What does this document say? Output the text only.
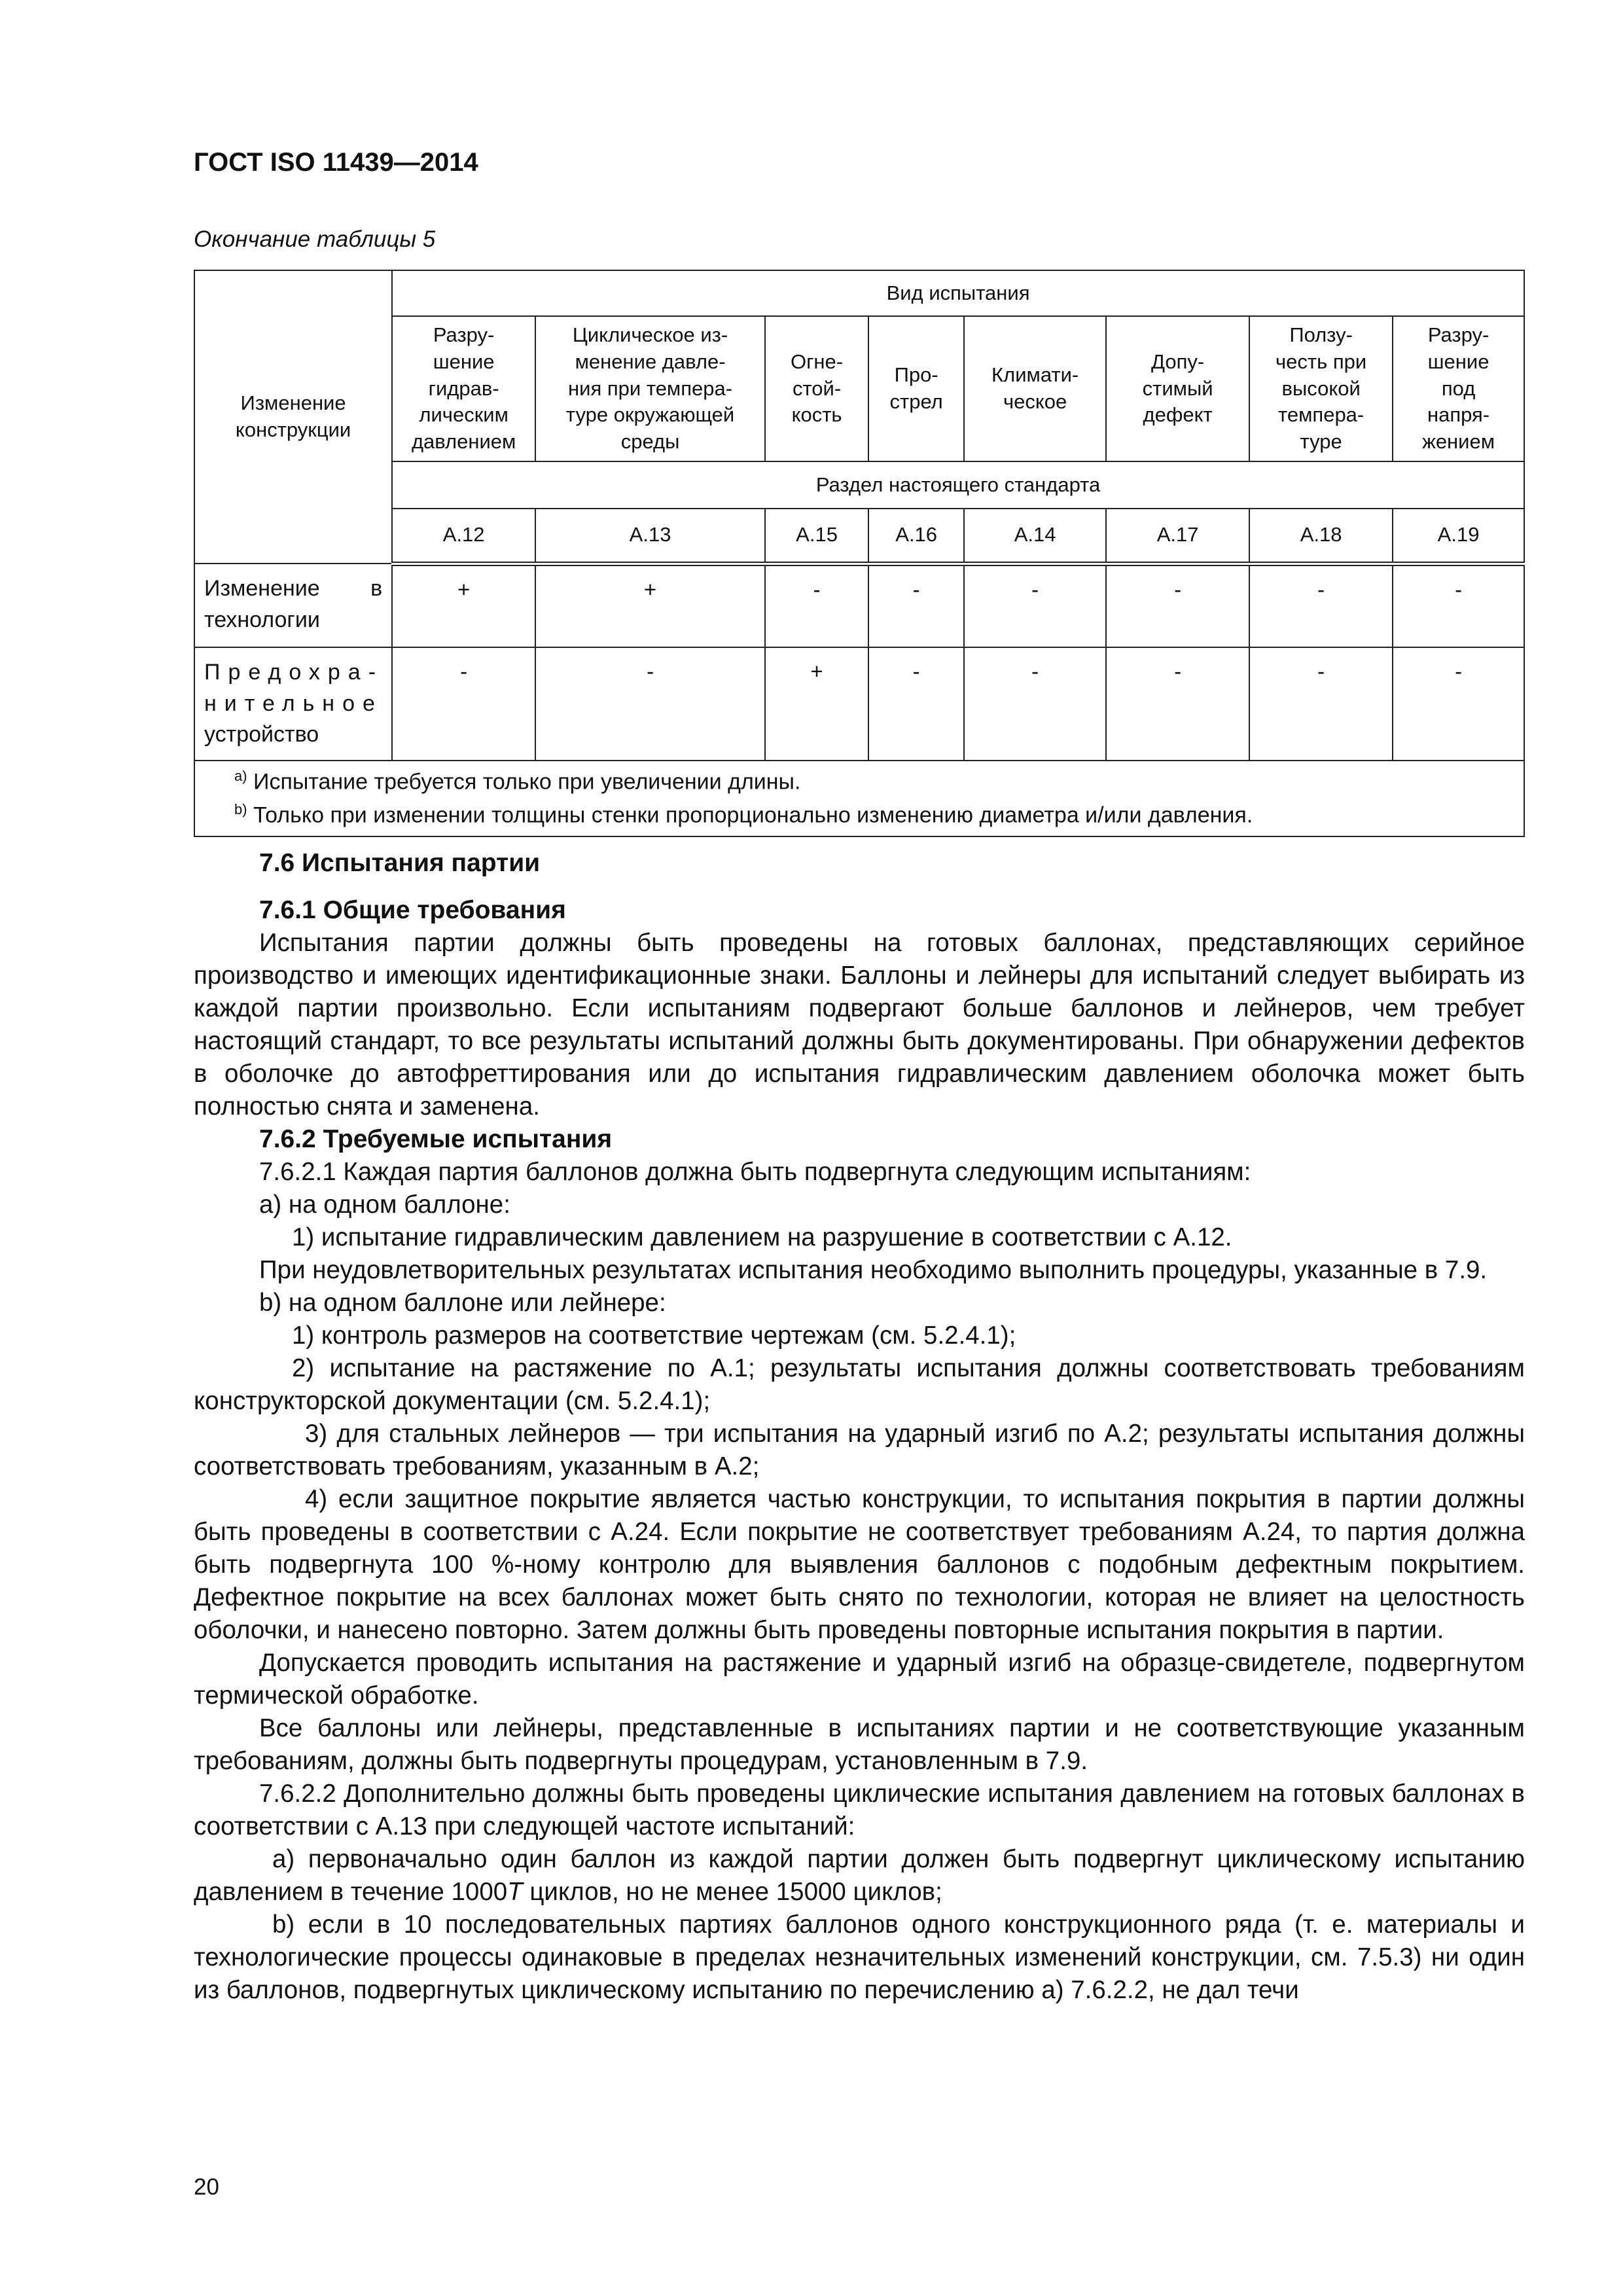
ГОСТ ISO 11439—2014
Окончание таблицы 5
Изменение конструкции	Вид испытания							
	Разру-
шение
гидрав-
лическим
давлением	Циклическое из-
менение давле-
ния при темпера-
туре окружающей
среды	Огне-
стой-
кость	Про-
стрел	Климати-
ческое	Допу-
стимый
дефект	Ползу-
честь при
высокой
темпера-
туре	Разру-
шение
под
напря-
жением
	Раздел настоящего стандарта							
	A.12	A.13	A.15	A.16	A.14	A.17	A.18	A.19

Изменение в
технологии	+	+	-	-	-	-	-	-

Предохра-
нительное
устройство	-	-	+	-	-	-	-	-

$^{a)}$ Испытание требуется только при увеличении длины.
$^{b)}$ Только при изменении толщины стенки пропорционально изменению диаметра и/или давления.								

7.6 Испытания партии

7.6.1 Общие требования

Испытания партии должны быть проведены на готовых баллонах, представляющих серийное производство и имеющих идентификационные знаки. Баллоны и лейнеры для испытаний следует выбирать из каждой партии произвольно. Если испытаниям подвергают больше баллонов и лейнеров, чем требует настоящий стандарт, то все результаты испытаний должны быть документированы. При обнаружении дефектов в оболочке до автофреттирования или до испытания гидравлическим давлением оболочка может быть полностью снята и заменена.

7.6.2 Требуемые испытания

7.6.2.1 Каждая партия баллонов должна быть подвергнута следующим испытаниям:

a) на одном баллоне:

1) испытание гидравлическим давлением на разрушение в соответствии с A.12.

При неудовлетворительных результатах испытания необходимо выполнить процедуры, указанные в 7.9.

b) на одном баллоне или лейнере:

1) контроль размеров на соответствие чертежам (см. 5.2.4.1);

2) испытание на растяжение по A.1; результаты испытания должны соответствовать требованиям конструкторской документации (см. 5.2.4.1);

3) для стальных лейнеров — три испытания на ударный изгиб по A.2; результаты испытания должны соответствовать требованиям, указанным в A.2;

4) если защитное покрытие является частью конструкции, то испытания покрытия в партии должны быть проведены в соответствии с A.24. Если покрытие не соответствует требованиям A.24, то партия должна быть подвергнута 100 %-ному контролю для выявления баллонов с подобным дефектным покрытием. Дефектное покрытие на всех баллонах может быть снято по технологии, которая не влияет на целостность оболочки, и нанесено повторно. Затем должны быть проведены повторные испытания покрытия в партии.

Допускается проводить испытания на растяжение и ударный изгиб на образце-свидетеле, подвергнутом термической обработке.

Все баллоны или лейнеры, представленные в испытаниях партии и не соответствующие указанным требованиям, должны быть подвергнуты процедурам, установленным в 7.9.

7.6.2.2 Дополнительно должны быть проведены циклические испытания давлением на готовых баллонах в соответствии с A.13 при следующей частоте испытаний:

a) первоначально один баллон из каждой партии должен быть подвергнут циклическому испытанию давлением в течение 1000T циклов, но не менее 15000 циклов;

b) если в 10 последовательных партиях баллонов одного конструкционного ряда (т. е. материалы и технологические процессы одинаковые в пределах незначительных изменений конструкции, см. 7.5.3) ни один из баллонов, подвергнутых циклическому испытанию по перечислению a) 7.6.2.2, не дал течи

20
